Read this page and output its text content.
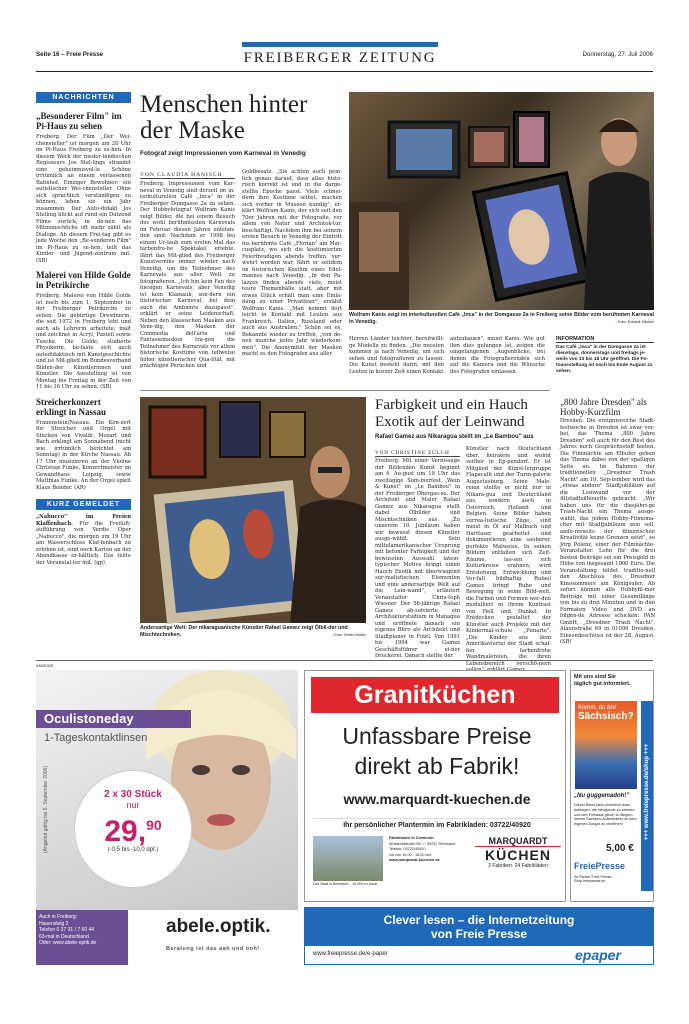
Seite 16 – Freie Presse	FREIBERGER ZEITUNG	Donnerstag, 27. Juli 2006
NACHRICHTEN
„Besonderer Film" im Pi-Haus zu sehen
Freiberg. Der Film „Der Wei-chensteller" ist morgen um 20 Uhr im Pi-Haus Freiberg zu se-hen. In diesem Werk der nieder-ländischen Regisseurs Jos Stel-lings strandet eine geheimnisvol-le Schöne irrtümlich an einem verlassenen Bahnhof. Einziger Bewohner: ein autistischer Wei-chensteller. Ohne sich sprachlich verständigen zu können, leben sie ein Jahr zusammen. Der Auto-didakt Jos Stelling blickt auf rund ein Dutzend Filme zurück, in de-nen das Mitmenschliche oft mehr zählt als Dialoge. Ab diesem Frei-tag gibt es jede Woche den „Be-sonderen Film" im Pi-Haus zu se-hen, teilt das Kinder- und Jugend-zentrum mit. (SB)
Malerei von Hilde Golde in Petrikirche
Freiberg. Malerei von Hilde Golde ist noch bis zum 1. September in der Freiberger Petrikirche zu sehen. Die gebürtige Dresdnerin, die seit 1972 in Freiberg lebt und auch als Lehrerin arbeitete, malt und zeichnet in Acryl, Pastell sowie Tusche. Die Golde, studierte Physikerin, be-faste sich auch autodidaktisch mit Kunstgeschichte und ist Mit-glied im Bundesverband Bilden-der Künstlerinnen und Künstler. Die Ausstellung ist von Montag bis Freitag in der Zeit von 11 bis 16 Uhr zu sehen. (SB)
Streicherkonzert erklingt in Nassau
Frauenstein/Nassau. Ein Kon-zert für Streicher und Orgel mit Stücken von Vivaldi, Mozart und Bach erklingt am Sonnabend (nicht wie irrtümlich berichtet am Sonntag) in der Kirche Nassau. Ab 17 Uhr musizieren an der Violine Christian Funke, Konzertmeister im Gewandhaus Leipzig, sowie Matthias Funke. An der Orgel spielt Klaus Bender. (AR)
KURZ GEMELDET
„Nabucco" im Freien Klaffenbach. Für die Freiluft-aufführung von Verdis Oper „Nabucco", die morgen um 19 Uhr am Wasserschloss Klaf-fenbach zu erleben ist, sind noch Karten an der Abendkasse er-hältlich. Das teilte der Veranstal-ter mit. (gp)
Menschen hinter der Maske
Fotograf zeigt Impressionen vom Karneval in Venedig
VON CLAUDIA HANISCH
Freiberg. Impressionen vom Kar-neval in Venedig sind derzeit im in-terkulturellen Café „Inca" in der Freiberger Domgasse 2a zu sehen. Der Hobbyfotograf Wolfram Kanis zeigt Bilder, die bei einem Besuch des wohl berühmtesten Karnevals im Februar diesen Jahres entstan-den sind. Nachdem er 1998 bei einem Ur-laub zum ersten Mal das farbenfro-he Spektakel erlebte, fährt das Mit-glied des Freiberger Kunstvereins immer wieder nach Venedig, um die Teilnehmer des Karnevals aus aller Welt zu fotografieren. „Ich bin kein Fan des hiesigen Karnevals, aber Venedig ist kein Klamauk, son-dern ein historischer Karneval, bei dem auch die Ambiente dazupasst", erklärt er seine Leidenschaft. Neben den klassischen Masken aus Vene-dig, den Masken der Commedia dell'arte und Fantasiemasken tra-gen die Teilnehmer des Karnevals vor allem historische Kostüme von teilweise hoher künstlerischer Qua-lität, mit prächtigen Perücken und
Goldbesatz. „Sie achten auch pein-lich genau darauf, dass alles histo-risch korrekt ist und in die darge-stellte Epoche passt. Viele schnei-dern ihre Kostüme selbst, machen sich vorher in Museen kundig", er-klärt Wolfram Kanis, der sich seit den 70er Jahren mit der Fotografie, vor allem von Natur und Architek-tur, beschäftigt. Nachdem ihm bei seinem ersten Besuch in Venedig der Eintritt ins berühmte Café „Florian" am Mar-cusplatz, wo sich die kostümierten Feierfreudigen abends treffen, ver-wehrt worden war, fährt er seitdem im historischen Kostüm eines Edel-mannes nach Venedig. „In den Pa-lazzos finden abends viele, meist teure Themenbälle statt, aber mit etwas Glück erhält man eine Einla-dung zu einer Privatfeier", erzählt Wolfram Kanis. „Man kommt dort leicht in Kontakt mit Leuten aus Frankreich, Italien, Russland oder auch aus Australien." Schön sei es, Bekannte wieder zu treffen, „von de-nen manche jedes Jahr wiederkom-men". Die Anonymität der Masken macht es den Fotografen aus aller
Wolfram Kanis zeigt im interkulturellen Café „Inca" in der Domgasse 2a in Freiberg seine Bilder vom berühmten Karneval in Venedig.	–Foto: Eckardt Mildner
Herren Länder leichter, bereitwilli-ge Modelle zu finden. „Die meisten kommen ja nach Venedig, um sich sehen und fotografieren zu lassen. Die Kunst besteht darin, mit den Leuten in kurzer Zeit einen Kontakt
aufzubauen", meint Kanis. Wie gut ihm dies gelungen ist, zeigen die eingefangenen „Augenblicke, bei denen die Fotografierenden sich auf die Kamera und die Wünsche des Fotografen einlassen.
INFORMATION
Das Café „Inca" in der Domgasse 2a ist dienstags, donnerstags und freitags je-weils von 13 bis 18 Uhr geöffnet. Die Fo-toausstellung ist noch bis Ende August zu sehen.
Andersartige Welt: Der nikaraguanische Künstler Rafael Gamez zeigt Ölbil-der und Mischtechniken.	–Foto: Detlev Müller
Farbigkeit und ein Hauch Exotik auf der Leinwand
Rafael Gamez aus Nikaragua stellt im „Le Bambou" aus
VON CHRISTINE ZÜLCH
Freiberg. Mit einer Vernissage der Bildenden Kunst beginnt am 4. Au-gust um 19 Uhr das zweitägige Som-merfest „Wein & Kunst" im „Le Bambou" in der Freiberger Obergas-se. Der Architekt und Maler Rafael Gamez aus Nikaragua stellt dabei Ölbilder und Mischtechniken aus. „Zu unserem 10. Jubiläum haben wir bewusst diesen Künstler ausge-wählt. Sein mittelamerikanischer Ursprung mit betonter Farbigkeit und der bewussten Auswahl latein-typischer Motive bringt einen Hauch Exotik mit überwiegend sur-realistischen Elementen und eine andersartige Welt auf die Lein-wand", erläutert Veranstalter Chris-toph Wiesner. Der 56-jährige Rafael Gamez ab-solvierte ein Architekturstudium in Managua und eröffnete danach ein eigenes Büro als Architekt und Stadtplaner in Fotel. Von 1991 bis 1994 war Gamez Geschäftsführer ei-ner Druckerei. Danach stellte der
Künstler nach Deutschland über, heiratete und wohnt seither in Ep-pendorf. Er ist Mitglied der Künst-lergruppe Flapacalli und der Turm-galerie Augustusburg. Seine Male-reien stellte er nicht nur in Nikara-gua und Deutschland aus, sondern auch in Österreich, Holland und Belgien. Seine Bilder haben surrea-listische Züge, sind meist in Öl auf Malbuch und Hartfaser gearbeitet und dokumentieren eine sauberer, perfekte Malweise. In seinen Bildern entfalten sich Zeit-Räume, las-sen sich Kulturkreise erahnen, wird Entstehung, Entwicklung und Ver-fall bildhaftig. Rafael Gamez bringt Ruhe und Bewegung in seine Bild-welt, die Farben und Formen wer-den modulliert in ihrem Kontrast von Hell und Dunkel. In Entdecken gestaltet der Künstler auch Projekte mit der Kindermal-schule „Punarte". „Die Kinder aus dem Amerikaviertel der Stadt schaf-fen farbenfrohe Wandmalereien, die ihren Lebensbereich verschö-nern
„800 Jahre Dresden" als Hobby-Kurzfilm
Dresden. Die ereignisreiche Stadt-festwoche in Dresden ist zwar vor-bei, das Thema „800 Jahre Dresden" soll auch für den Rest des Jahres noch Gesprächsstoff bieten. Die Filmnächte am Elbufer geben das Thema dabei von der spaßigen Seite an. Im Rahmen der traditionellen „Dresdner Trash Nacht" am 10. Sep-tember wird das „etwas andere" Stadtjubiläum auf die Leinwand vor der Altstadtsilhouette gebracht. „Wir haben uns für die diesjähri-ge Trash-Nacht ein Thema ausge-wählt, das jedem Hobby-Filmema-cher mit Stadtjubiläum sein soll, ande-rerseits der filmerischen Kreativität keine Grenzen setzt", so Jörg Polenz, einer der Filmnächte-Veranstalter. Lohn für die drei besten Beiträge sei ein Preisgeld in Höhe von insgesamt 1000 Euro. Die Veranstaltung bildet traditio-nell den Abschluss des Dresdner Kinosommers am Königsufer. Ab sofort können alle Hobbyfil-mer Beiträge mit einer Gesamtlänge von bis zu drei Minuten und in den Formaten Video und DVD an folgen-de Adresse schicken: PAN GmbH, „Dresdner Trash Nacht", Alaunstraße 69 in 01099 Dresden. Einsendeschluss ist der 28. August. (SB)
ANZEIGE
Oculistoneday
1-Tageskontaktlinsen
2 x 30 Stück
nur
29,90
(-0,5 bis -10,0 dpt.)
(Angebot gültig bis 5. September 2006)
Auch in Freiberg:
Hauenstei̇g 2
Telefon 0 37 31 / 7 60 44
63-mal in Deutschland.
Oder: www.abele-optik.de
abele.optik.
Beratung ist das aah und ooh!
Granitküchen
Unfassbare Preise
direkt ab Fabrik!
www.marquardt-kuechen.de
Ihr persönlicher Plantermin im Fabrikladen: 03722/40920
Das Stadt in Bernsdorf – 10.000 m² Areal
Fabrikladen in Chemnitz:
Wüstenbrander Str. 7, 09247 Röhrsdorf
Telefon: 03722/40920
SA von 10.00 - 18.00 Uhr
www.marquardt-kuechen.de
MARQUARDT
KÜCHEN
2 Fabriken. 24 Fabrikläden
Mit uns sind Sie
täglich gut informiert.
Komm, du bist
Sächsisch?
+++ www.freiepresse.de/shop +++
„Nu guggemadoh!"
Dieser Band kann sicherlich dazu beitragen, die Neugierde zu wecken und den Freistaat gleich zu Beginn seines Sachsen-Aufenthaltes zu dem eigenen Ausgut zu verleihen!
5,00 €
FreiePresse
Ihr Partner Freie Presse: Shop.freiepresse.de
Clever lesen – die Internetzeitung
von Freie Presse
www.freiepresse.de/e-paper	epaper
